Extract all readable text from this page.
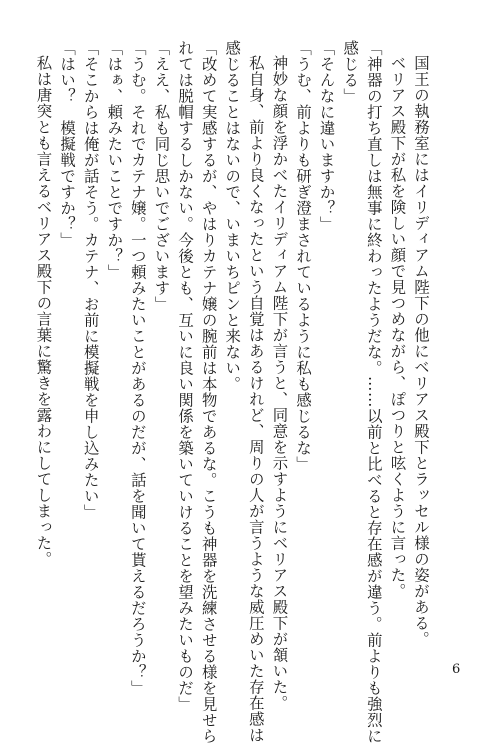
国王の執務室にはイリディアム陛下の他にベリアス殿下とラッセル様の姿がある。
ベリアス殿下が私を険しい顔で見つめながら、ぽつりと呟くように言った。
「神器の打ち直しは無事に終わったようだな。……以前と比べると存在感が違う。前よりも強烈に
感じる」
「そんなに違いますか？」
「うむ、前よりも研ぎ澄まされているように私も感じるな」
神妙な顔を浮かべたイリディアム陛下が言うと、同意を示すようにベリアス殿下が頷いた。
私自身、前より良くなったという自覚はあるけれど、周りの人が言うような威圧めいた存在感は
感じることはないので、いまいちピンと来ない。
「改めて実感するが、やはりカテナ嬢の腕前は本物であるな。こうも神器を洗練させる様を見せら
れては脱帽するしかない。今後とも、互いに良い関係を築いていけることを望みたいものだ」
「ええ、私も同じ思いでございます」
「うむ。それでカテナ嬢。一つ頼みたいことがあるのだが、話を聞いて貰えるだろうか？」
「はぁ、頼みたいことですか？」
「そこからは俺が話そう。カテナ、お前に模擬戦を申し込みたい」
「はい？　模擬戦ですか？」
私は唐突とも言えるベリアス殿下の言葉に驚きを露わにしてしまった。
6
